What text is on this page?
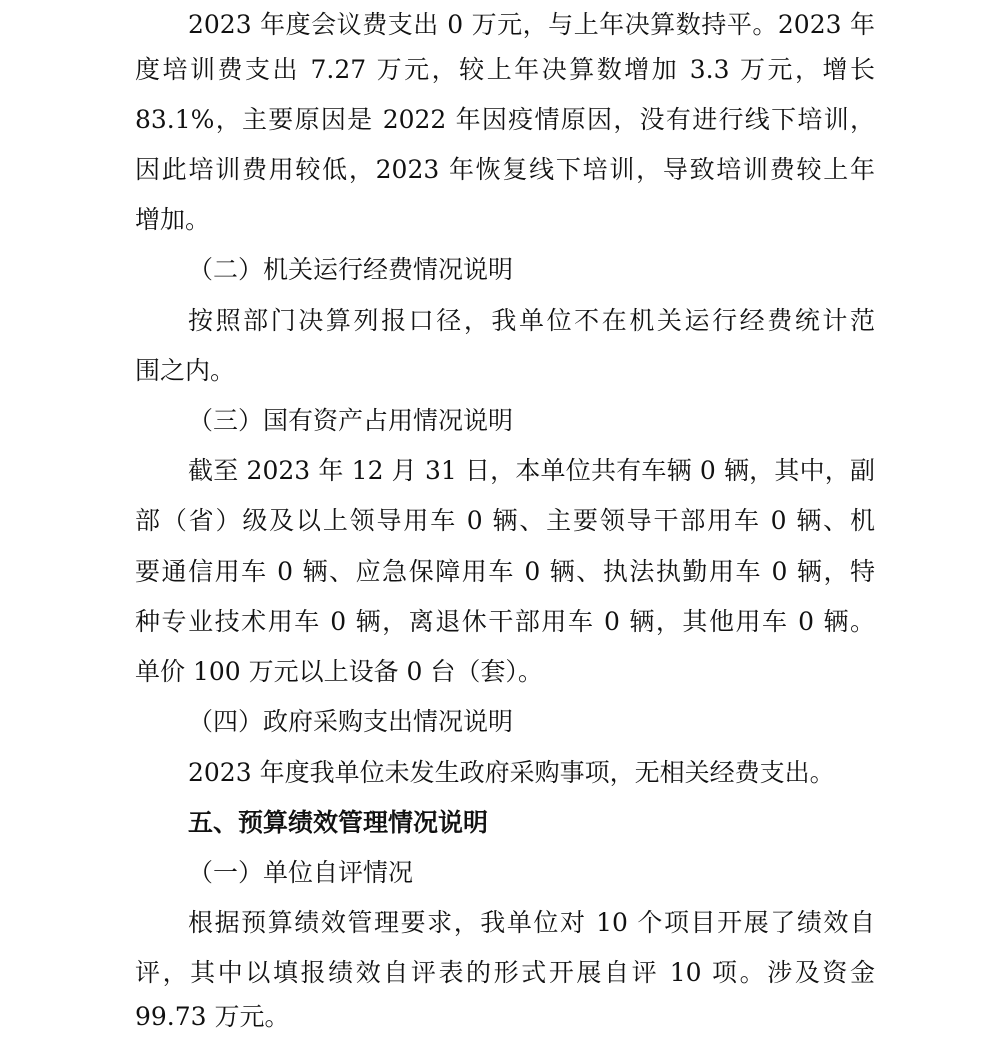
2023 年度会议费支出 0 万元，与上年决算数持平。2023 年
度培训费支出 7.27 万元，较上年决算数增加 3.3 万元，增长
83.1%，主要原因是 2022 年因疫情原因，没有进行线下培训，
因此培训费用较低，2023 年恢复线下培训，导致培训费较上年
增加。
（二）机关运行经费情况说明
按照部门决算列报口径，我单位不在机关运行经费统计范
围之内。
（三）国有资产占用情况说明
截至 2023 年 12 月 31 日，本单位共有车辆 0 辆，其中，副
部（省）级及以上领导用车 0 辆、主要领导干部用车 0 辆、机
要通信用车 0 辆、应急保障用车 0 辆、执法执勤用车 0 辆，特
种专业技术用车 0 辆，离退休干部用车 0 辆，其他用车 0 辆。
单价 100 万元以上设备 0 台（套）。
（四）政府采购支出情况说明
2023 年度我单位未发生政府采购事项，无相关经费支出。
五、预算绩效管理情况说明
（一）单位自评情况
根据预算绩效管理要求，我单位对 10 个项目开展了绩效自
评，其中以填报绩效自评表的形式开展自评 10 项。涉及资金
99.73 万元。
